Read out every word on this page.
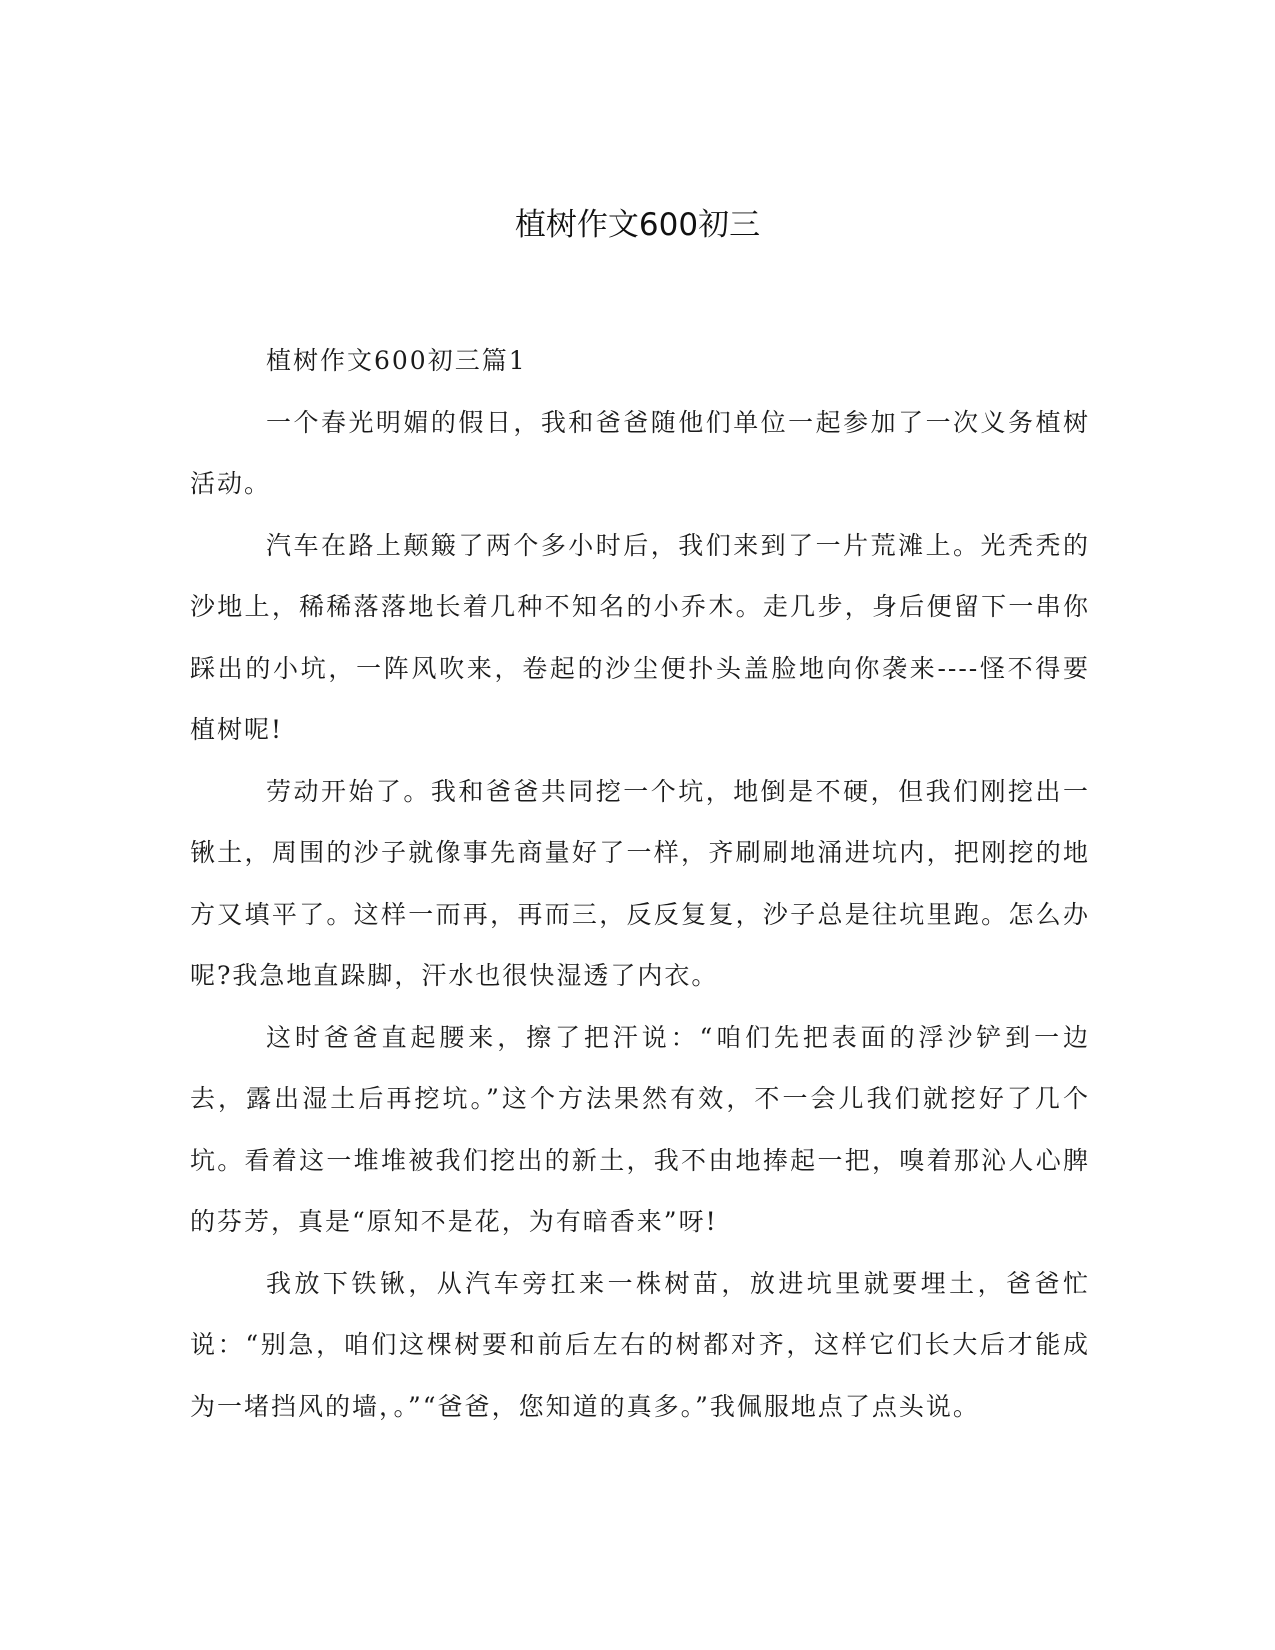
植树作文600初三

植树作文600初三篇1

一个春光明媚的假日，我和爸爸随他们单位一起参加了一次义务植树活动。

汽车在路上颠簸了两个多小时后，我们来到了一片荒滩上。光秃秃的沙地上，稀稀落落地长着几种不知名的小乔木。走几步，身后便留下一串你踩出的小坑，一阵风吹来，卷起的沙尘便扑头盖脸地向你袭来----怪不得要植树呢!

劳动开始了。我和爸爸共同挖一个坑，地倒是不硬，但我们刚挖出一锹土，周围的沙子就像事先商量好了一样，齐刷刷地涌进坑内，把刚挖的地方又填平了。这样一而再，再而三，反反复复，沙子总是往坑里跑。怎么办呢?我急地直跺脚，汗水也很快湿透了内衣。

这时爸爸直起腰来，擦了把汗说：“咱们先把表面的浮沙铲到一边去，露出湿土后再挖坑。”这个方法果然有效，不一会儿我们就挖好了几个坑。看着这一堆堆被我们挖出的新土，我不由地捧起一把，嗅着那沁人心脾的芬芳，真是“原知不是花，为有暗香来”呀!

我放下铁锹，从汽车旁扛来一株树苗，放进坑里就要埋土，爸爸忙说：“别急，咱们这棵树要和前后左右的树都对齐，这样它们长大后才能成为一堵挡风的墙，。”“爸爸，您知道的真多。”我佩服地点了点头说。
